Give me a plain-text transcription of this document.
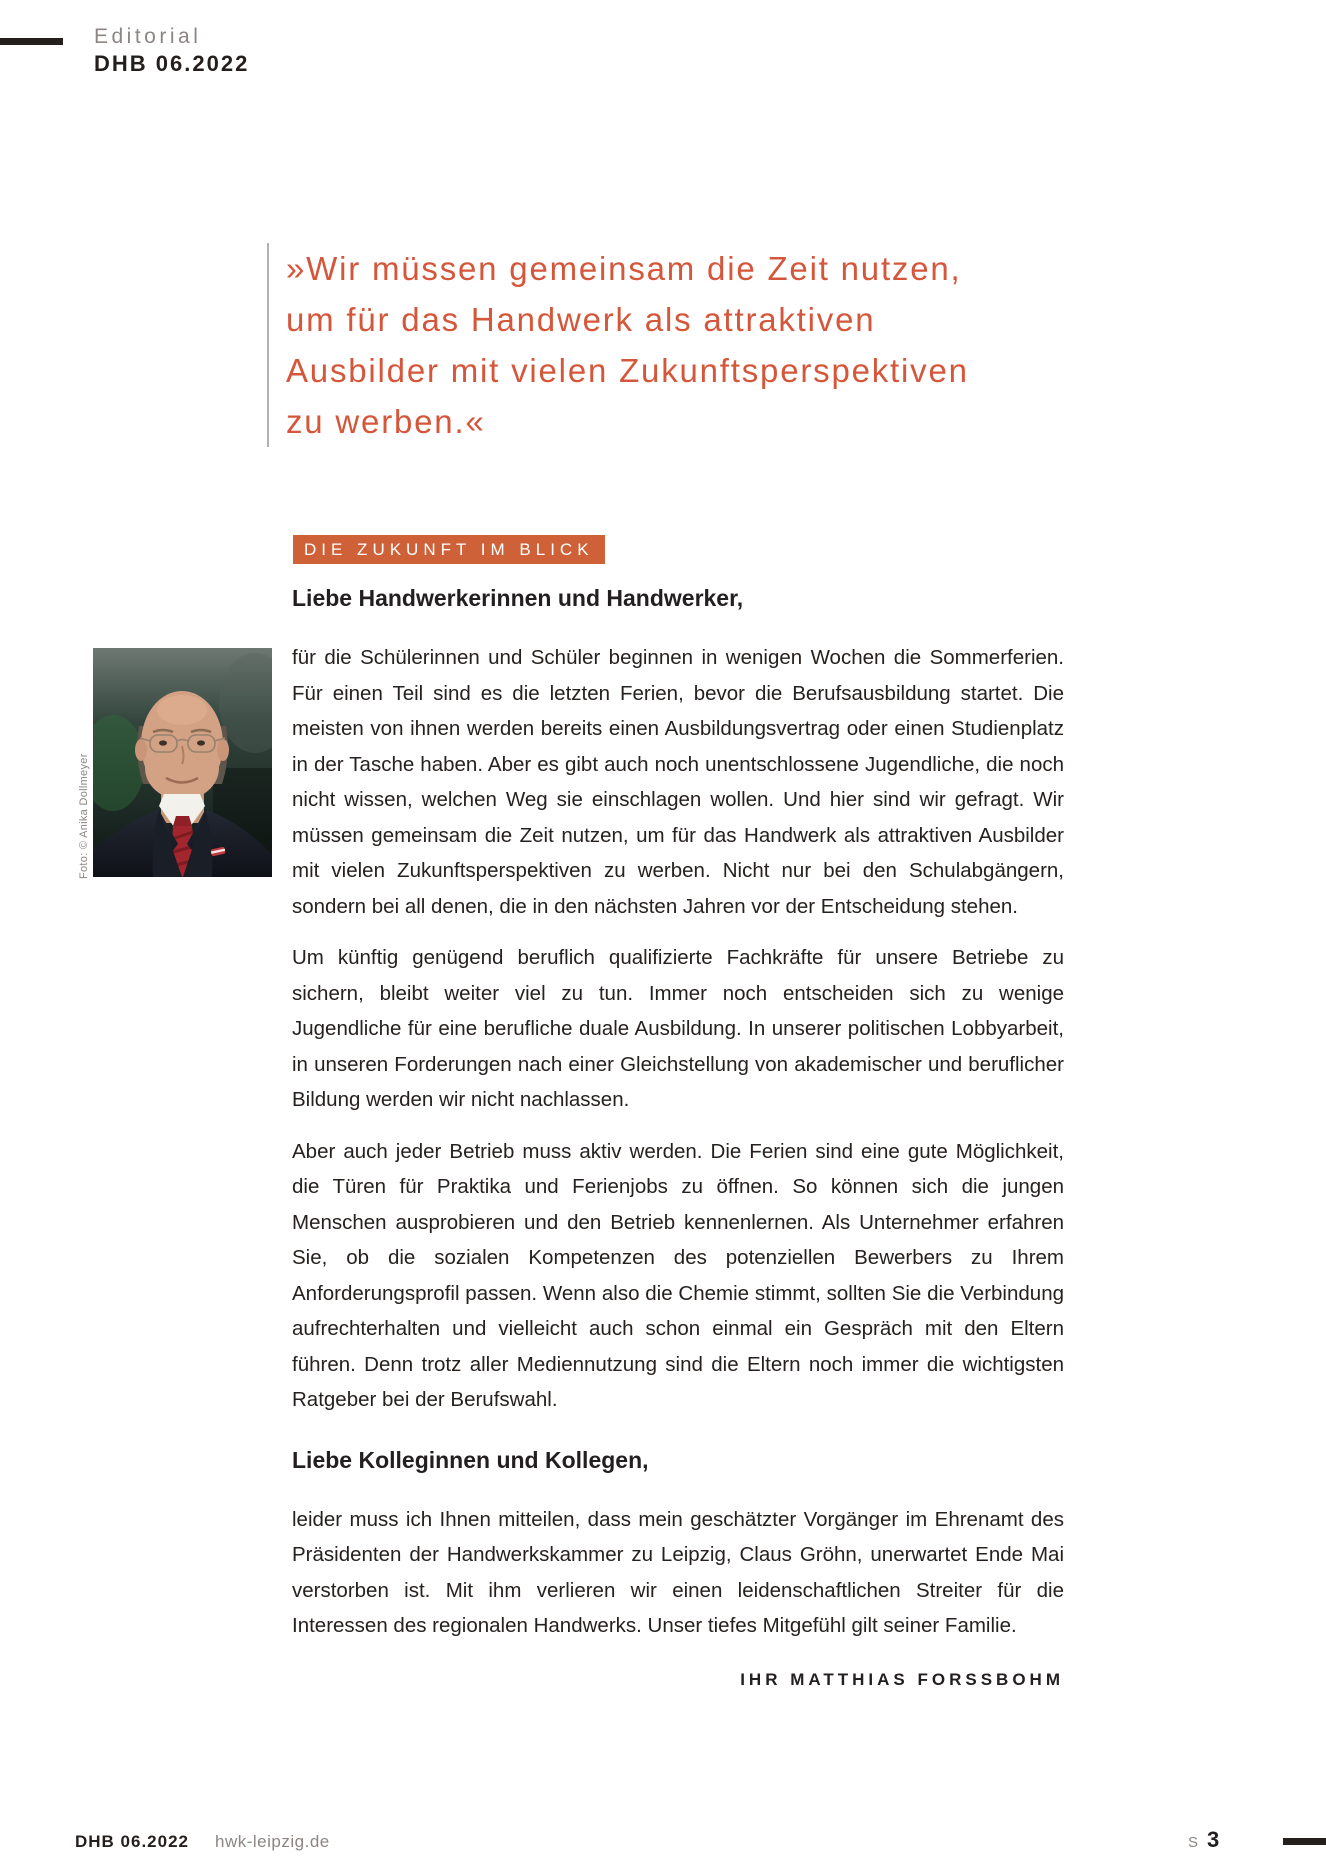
Editorial
DHB 06.2022
»Wir müssen gemeinsam die Zeit nutzen,
um für das Handwerk als attraktiven
Ausbilder mit vielen Zukunftsperspektiven
zu werben.«
DIE ZUKUNFT IM BLICK
Foto: © Anika Dollmeyer
Liebe Handwerkerinnen und Handwerker,

für die Schülerinnen und Schüler beginnen in wenigen Wochen die Sommerferien. Für einen Teil sind es die letzten Ferien, bevor die Berufsausbildung startet. Die meisten von ihnen werden bereits einen Ausbildungsvertrag oder einen Studienplatz in der Tasche haben. Aber es gibt auch noch unentschlossene Jugendliche, die noch nicht wissen, welchen Weg sie einschlagen wollen. Und hier sind wir gefragt. Wir müssen gemeinsam die Zeit nutzen, um für das Handwerk als attraktiven Ausbilder mit vielen Zukunftsperspektiven zu werben. Nicht nur bei den Schulabgängern, sondern bei all denen, die in den nächsten Jahren vor der Entscheidung stehen.

Um künftig genügend beruflich qualifizierte Fachkräfte für unsere Betriebe zu sichern, bleibt weiter viel zu tun. Immer noch entscheiden sich zu wenige Jugendliche für eine berufliche duale Ausbildung. In unserer politischen Lobbyarbeit, in unseren Forderungen nach einer Gleichstellung von akademischer und beruflicher Bildung werden wir nicht nachlassen.

Aber auch jeder Betrieb muss aktiv werden. Die Ferien sind eine gute Möglichkeit, die Türen für Praktika und Ferienjobs zu öffnen. So können sich die jungen Menschen ausprobieren und den Betrieb kennenlernen. Als Unternehmer erfahren Sie, ob die sozialen Kompetenzen des potenziellen Bewerbers zu Ihrem Anforderungsprofil passen. Wenn also die Chemie stimmt, sollten Sie die Verbindung aufrechterhalten und vielleicht auch schon einmal ein Gespräch mit den Eltern führen. Denn trotz aller Mediennutzung sind die Eltern noch immer die wichtigsten Ratgeber bei der Berufswahl.

Liebe Kolleginnen und Kollegen,

leider muss ich Ihnen mitteilen, dass mein geschätzter Vorgänger im Ehrenamt des Präsidenten der Handwerkskammer zu Leipzig, Claus Gröhn, unerwartet Ende Mai verstorben ist. Mit ihm verlieren wir einen leidenschaftlichen Streiter für die Interessen des regionalen Handwerks. Unser tiefes Mitgefühl gilt seiner Familie.

IHR MATTHIAS FORSSBOHM
DHB 06.2022 hwk-leipzig.de	S 3
